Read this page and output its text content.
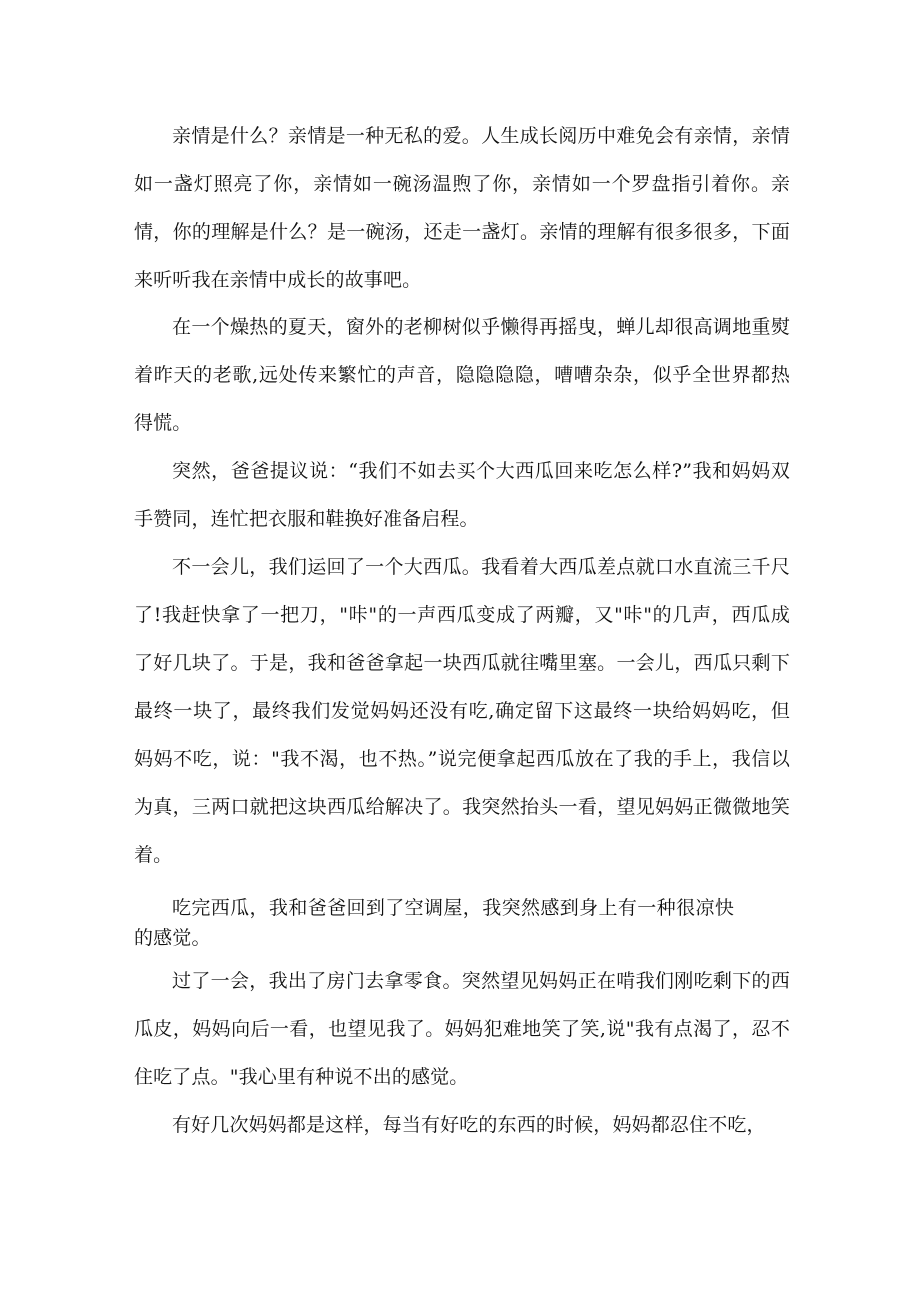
亲情是什么？亲情是一种无私的爱。人生成长阅历中难免会有亲情，亲情如一盏灯照亮了你，亲情如一碗汤温煦了你，亲情如一个罗盘指引着你。亲情，你的理解是什么？是一碗汤，还走一盏灯。亲情的理解有很多很多，下面来听听我在亲情中成长的故事吧。

在一个燥热的夏天，窗外的老柳树似乎懒得再摇曳，蝉儿却很高调地重熨着昨天的老歌,远处传来繁忙的声音，隐隐隐隐，嘈嘈杂杂，似乎全世界都热得慌。

突然，爸爸提议说：“我们不如去买个大西瓜回来吃怎么样?”我和妈妈双手赞同，连忙把衣服和鞋换好准备启程。

不一会儿，我们运回了一个大西瓜。我看着大西瓜差点就口水直流三千尺了!我赶快拿了一把刀，"咔"的一声西瓜变成了两瓣，又"咔"的几声，西瓜成了好几块了。于是，我和爸爸拿起一块西瓜就往嘴里塞。一会儿，西瓜只剩下最终一块了，最终我们发觉妈妈还没有吃,确定留下这最终一块给妈妈吃，但妈妈不吃，说："我不渴，也不热。”说完便拿起西瓜放在了我的手上，我信以为真，三两口就把这块西瓜给解决了。我突然抬头一看，望见妈妈正微微地笑着。

吃完西瓜，我和爸爸回到了空调屋，我突然感到身上有一种很凉快的感觉。

过了一会，我出了房门去拿零食。突然望见妈妈正在啃我们刚吃剩下的西瓜皮，妈妈向后一看，也望见我了。妈妈犯难地笑了笑,说"我有点渴了，忍不住吃了点。"我心里有种说不出的感觉。

有好几次妈妈都是这样，每当有好吃的东西的时候，妈妈都忍住不吃，
